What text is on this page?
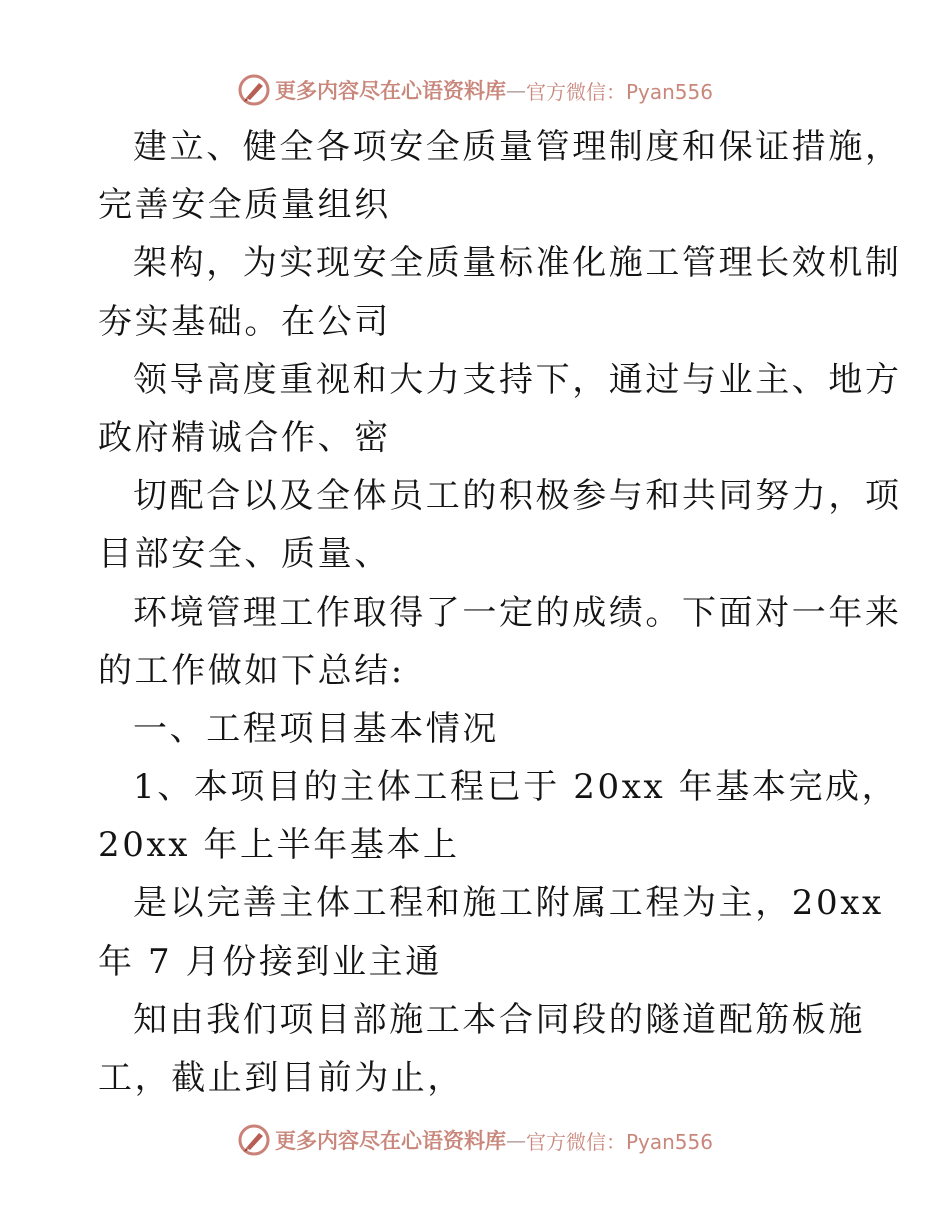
更多内容尽在心语资料库 — 官方微信：Pyan556
建立、健全各项安全质量管理制度和保证措施，
完善安全质量组织
架构，为实现安全质量标准化施工管理长效机制
夯实基础。在公司
领导高度重视和大力支持下，通过与业主、地方
政府精诚合作、密
切配合以及全体员工的积极参与和共同努力，项
目部安全、质量、
环境管理工作取得了一定的成绩。下面对一年来
的工作做如下总结:
一、工程项目基本情况
1、本项目的主体工程已于 20xx 年基本完成，
20xx 年上半年基本上
是以完善主体工程和施工附属工程为主，20xx
年 7 月份接到业主通
知由我们项目部施工本合同段的隧道配筋板施
工，截止到目前为止，
更多内容尽在心语资料库 — 官方微信：Pyan556
